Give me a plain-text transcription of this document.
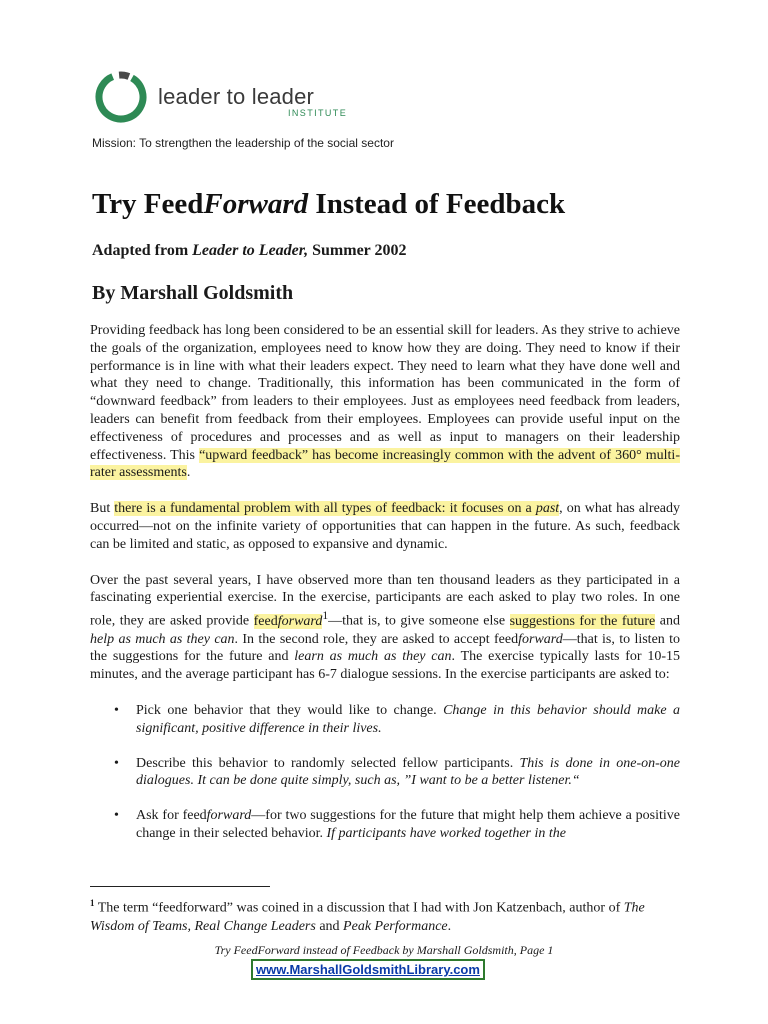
leader to leader
INSTITUTE
Mission: To strengthen the leadership of the social sector
Try FeedForward Instead of Feedback
Adapted from Leader to Leader, Summer 2002
By Marshall Goldsmith

Providing feedback has long been considered to be an essential skill for leaders. As they strive to achieve the goals of the organization, employees need to know how they are doing. They need to know if their performance is in line with what their leaders expect. They need to learn what they have done well and what they need to change. Traditionally, this information has been communicated in the form of “downward feedback” from leaders to their employees. Just as employees need feedback from leaders, leaders can benefit from feedback from their employees. Employees can provide useful input on the effectiveness of procedures and processes and as well as input to managers on their leadership effectiveness. This “upward feedback” has become increasingly common with the advent of 360° multi-rater assessments.

But there is a fundamental problem with all types of feedback: it focuses on a past, on what has already occurred—not on the infinite variety of opportunities that can happen in the future. As such, feedback can be limited and static, as opposed to expansive and dynamic.

Over the past several years, I have observed more than ten thousand leaders as they participated in a fascinating experiential exercise. In the exercise, participants are each asked to play two roles. In one role, they are asked provide feedforward$^1$—that is, to give someone else suggestions for the future and help as much as they can. In the second role, they are asked to accept feedforward—that is, to listen to the suggestions for the future and learn as much as they can. The exercise typically lasts for 10-15 minutes, and the average participant has 6-7 dialogue sessions. In the exercise participants are asked to:

• Pick one behavior that they would like to change. Change in this behavior should make a significant, positive difference in their lives.
• Describe this behavior to randomly selected fellow participants. This is done in one-on-one dialogues. It can be done quite simply, such as, ”I want to be a better listener.“
• Ask for feedforward—for two suggestions for the future that might help them achieve a positive change in their selected behavior. If participants have worked together in the
$^1$ The term “feedforward” was coined in a discussion that I had with Jon Katzenbach, author of The Wisdom of Teams, Real Change Leaders and Peak Performance.
Try FeedForward instead of Feedback by Marshall Goldsmith, Page 1
www.MarshallGoldsmithLibrary.com
